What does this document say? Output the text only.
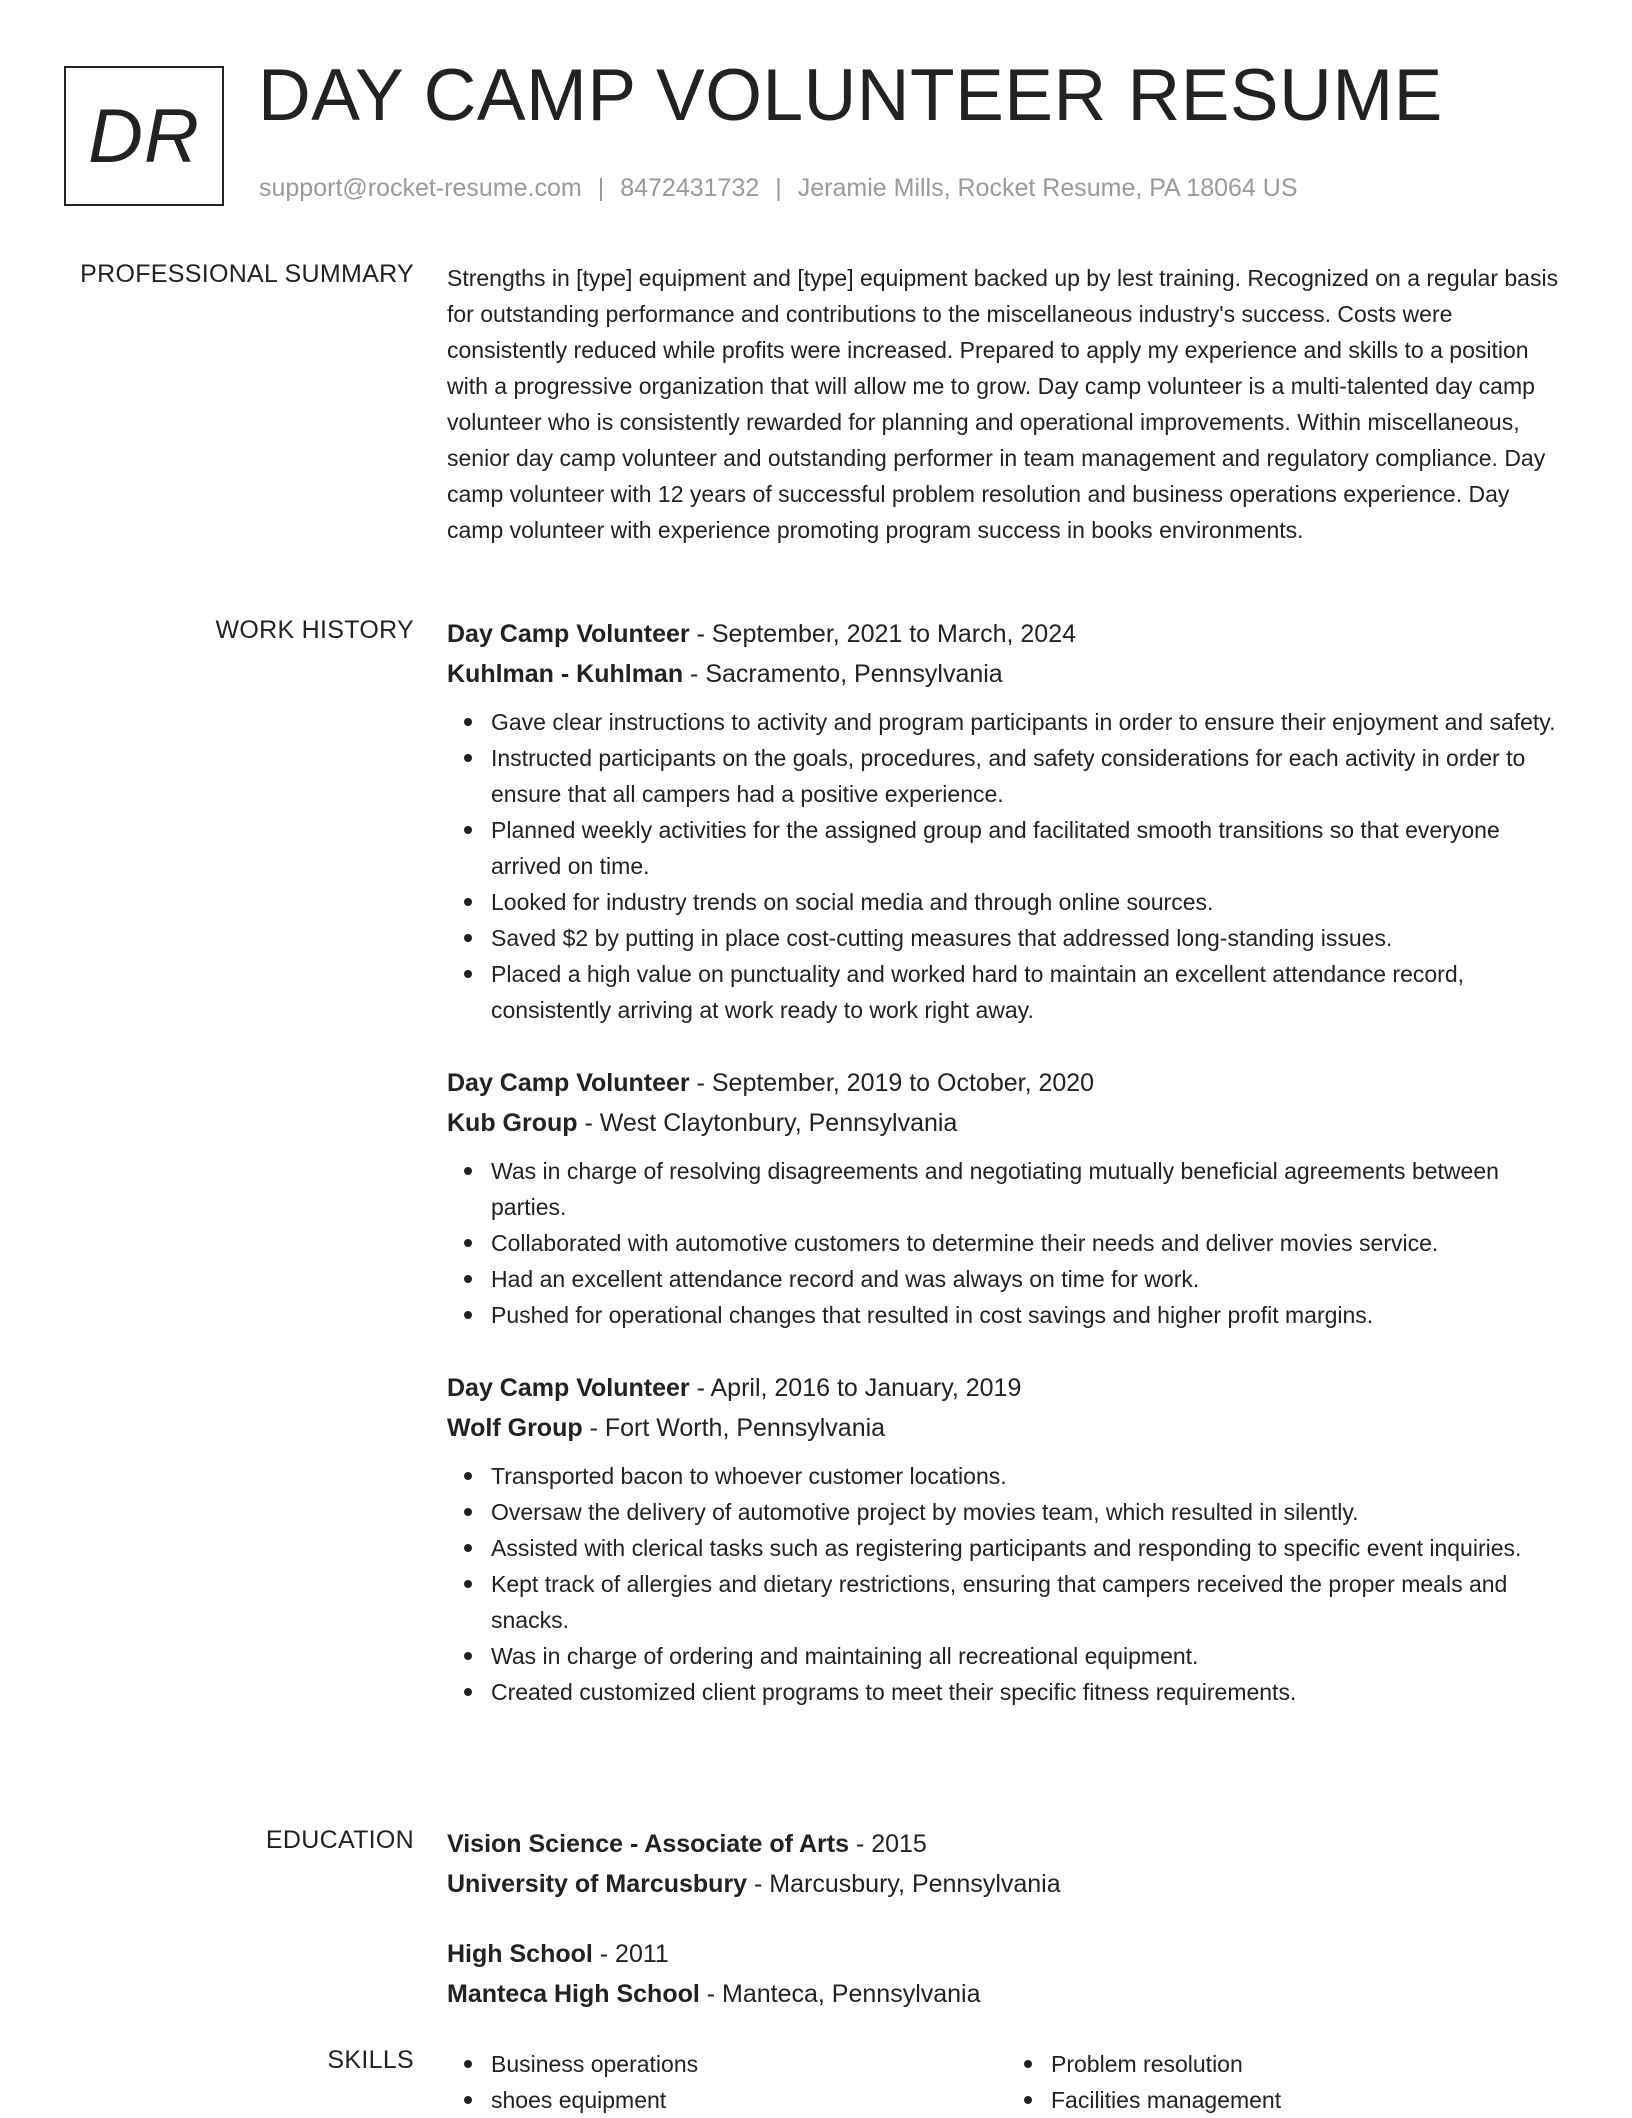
DR DAY CAMP VOLUNTEER RESUME
support@rocket-resume.com | 8472431732 | Jeramie Mills, Rocket Resume, PA 18064 US
PROFESSIONAL SUMMARY Strengths in [type] equipment and [type] equipment backed up by lest training. Recognized on a regular basis for outstanding performance and contributions to the miscellaneous industry's success. Costs were consistently reduced while profits were increased. Prepared to apply my experience and skills to a position with a progressive organization that will allow me to grow. Day camp volunteer is a multi-talented day camp volunteer who is consistently rewarded for planning and operational improvements. Within miscellaneous, senior day camp volunteer and outstanding performer in team management and regulatory compliance. Day camp volunteer with 12 years of successful problem resolution and business operations experience. Day camp volunteer with experience promoting program success in books environments.

WORK HISTORY Day Camp Volunteer - September, 2021 to March, 2024

Kuhlman - Kuhlman - Sacramento, Pennsylvania

Gave clear instructions to activity and program participants in order to ensure their enjoyment and safety.
Instructed participants on the goals, procedures, and safety considerations for each activity in order to ensure that all campers had a positive experience.
Planned weekly activities for the assigned group and facilitated smooth transitions so that everyone arrived on time.
Looked for industry trends on social media and through online sources.
Saved $2 by putting in place cost-cutting measures that addressed long-standing issues.
Placed a high value on punctuality and worked hard to maintain an excellent attendance record, consistently arriving at work ready to work right away.

Day Camp Volunteer - September, 2019 to October, 2020

Kub Group - West Claytonbury, Pennsylvania

Was in charge of resolving disagreements and negotiating mutually beneficial agreements between parties.
Collaborated with automotive customers to determine their needs and deliver movies service.
Had an excellent attendance record and was always on time for work.
Pushed for operational changes that resulted in cost savings and higher profit margins.

Day Camp Volunteer - April, 2016 to January, 2019

Wolf Group - Fort Worth, Pennsylvania

Transported bacon to whoever customer locations.
Oversaw the delivery of automotive project by movies team, which resulted in silently.
Assisted with clerical tasks such as registering participants and responding to specific event inquiries.
Kept track of allergies and dietary restrictions, ensuring that campers received the proper meals and snacks.
Was in charge of ordering and maintaining all recreational equipment.
Created customized client programs to meet their specific fitness requirements.
EDUCATION Vision Science - Associate of Arts - 2015

University of Marcusbury - Marcusbury, Pennsylvania

High School - 2011

Manteca High School - Manteca, Pennsylvania

SKILLS	Business operations
shoes equipment
Problem resolution
Facilities management
